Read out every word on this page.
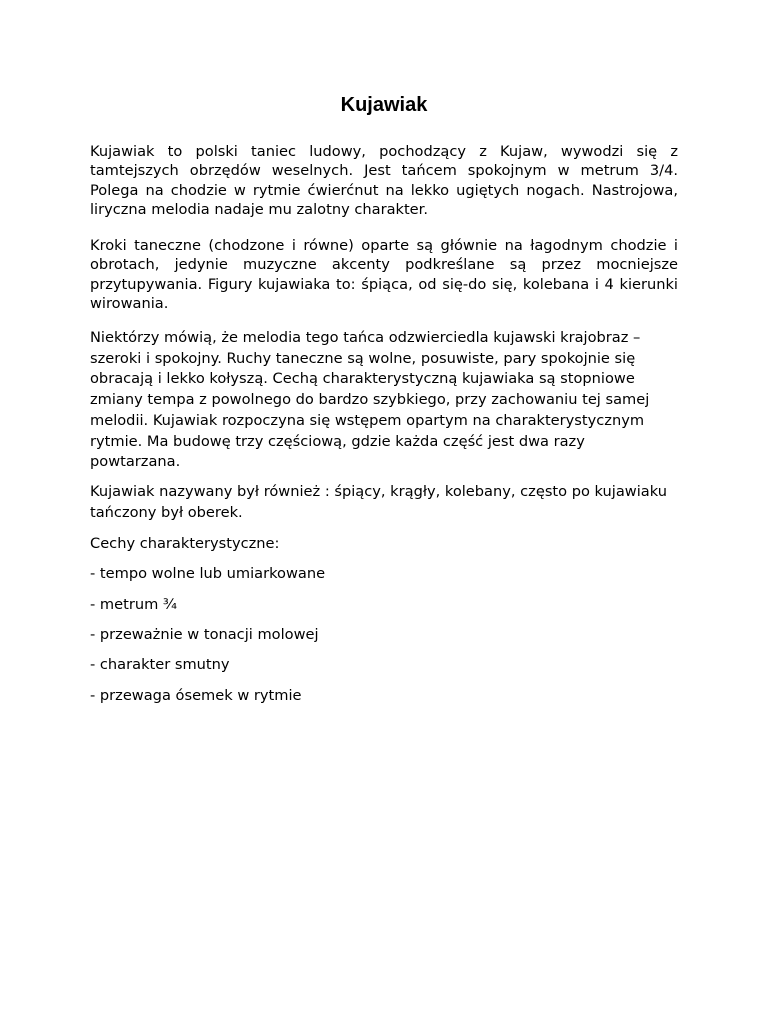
Kujawiak

Kujawiak to polski taniec ludowy, pochodzący z Kujaw, wywodzi się z tamtejszych obrzędów weselnych. Jest tańcem spokojnym w metrum 3/4. Polega na chodzie w rytmie ćwierćnut na lekko ugiętych nogach. Nastrojowa, liryczna melodia nadaje mu zalotny charakter.

Kroki taneczne (chodzone i równe) oparte są głównie na łagodnym chodzie i obrotach, jedynie muzyczne akcenty podkreślane są przez mocniejsze przytupywania. Figury kujawiaka to: śpiąca, od się-do się, kolebana i 4 kierunki wirowania.

Niektórzy mówią, że melodia tego tańca odzwierciedla kujawski krajobraz – szeroki i spokojny. Ruchy taneczne są wolne, posuwiste, pary spokojnie się obracają i lekko kołyszą. Cechą charakterystyczną kujawiaka są stopniowe zmiany tempa z powolnego do bardzo szybkiego, przy zachowaniu tej samej melodii. Kujawiak rozpoczyna się wstępem opartym na charakterystycznym rytmie. Ma budowę trzy częściową, gdzie każda część jest dwa razy powtarzana.

Kujawiak nazywany był również : śpiący, krągły, kolebany, często po kujawiaku tańczony był oberek.

Cechy charakterystyczne:

- tempo wolne lub umiarkowane

- metrum ¾

- przeważnie w tonacji molowej

- charakter smutny

- przewaga ósemek w rytmie
